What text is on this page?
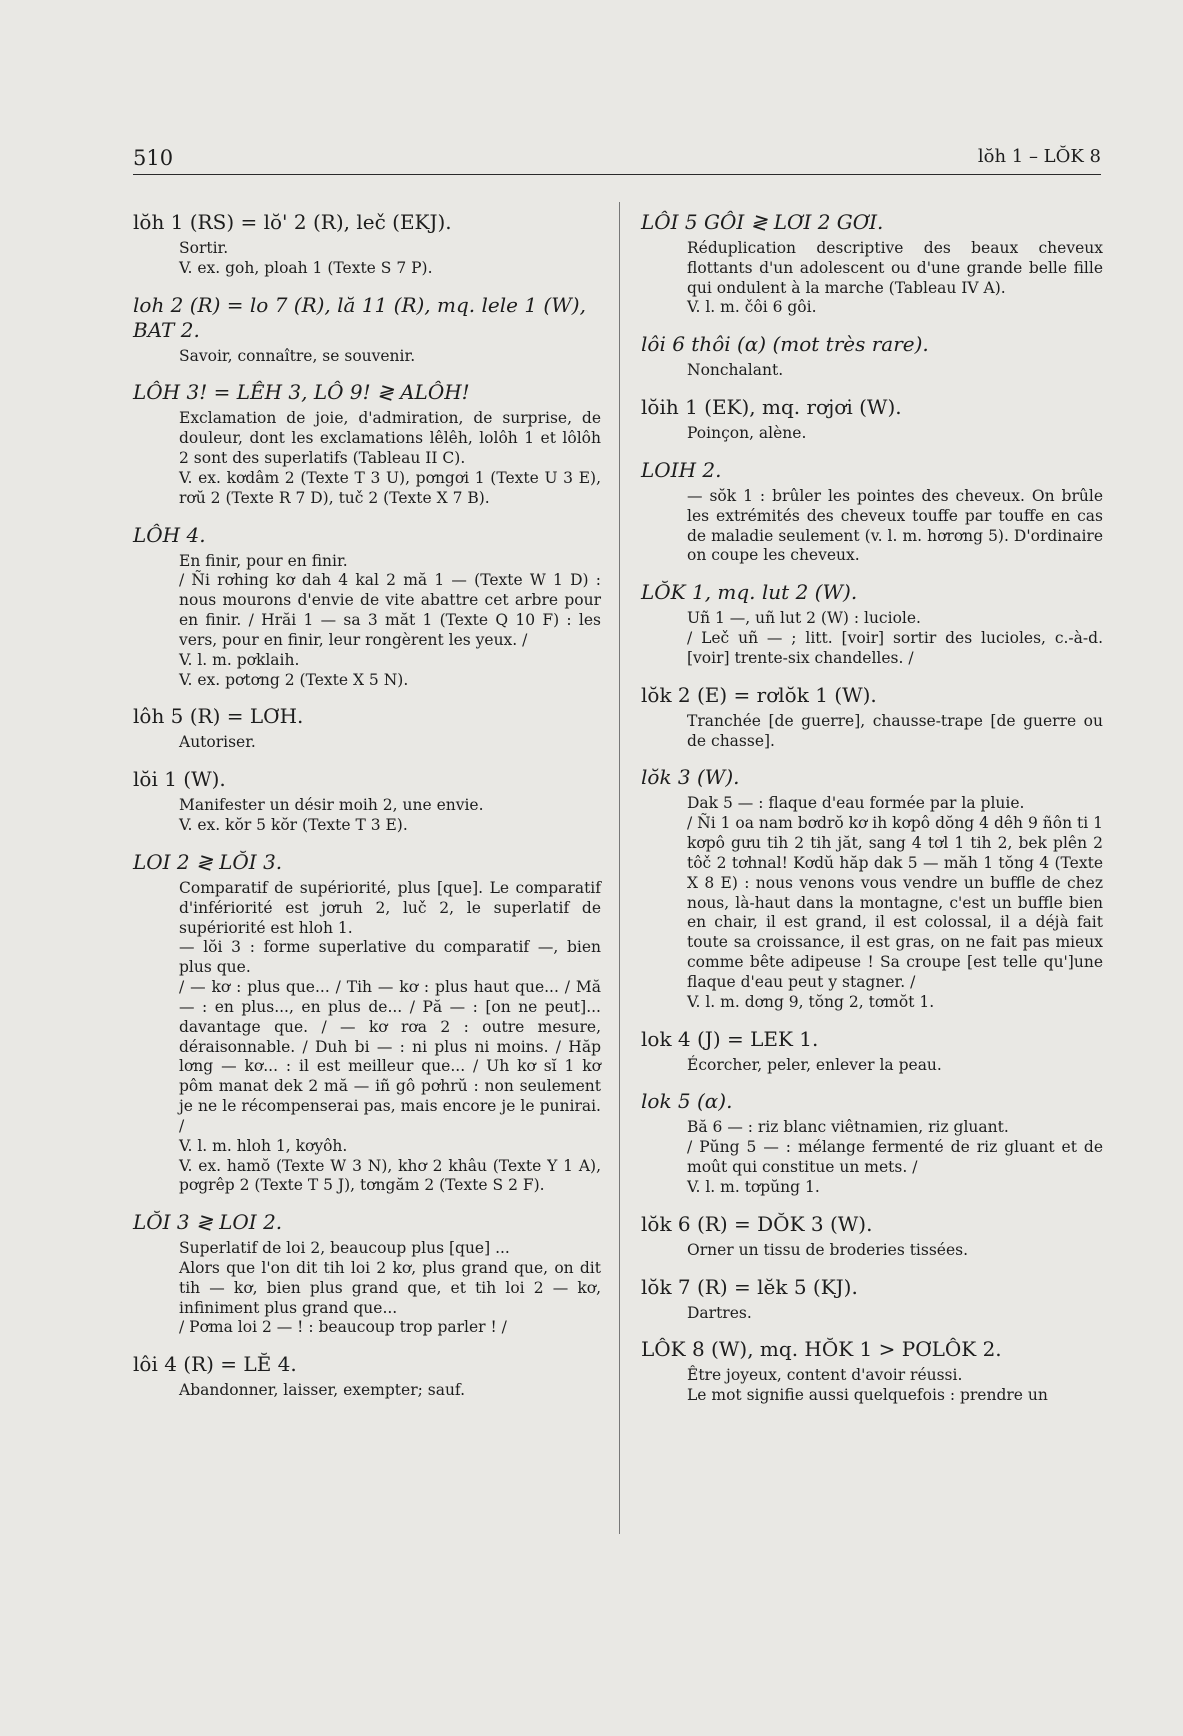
510	lŏh 1 – LŎK 8
lŏh 1 (RS) = lŏ' 2 (R), leč (EKJ).

Sortir.

V. ex. goh, ploah 1 (Texte S 7 P).

loh 2 (R) = lo 7 (R), lă 11 (R), mq. lele 1 (W), BAT 2.

Savoir, connaître, se souvenir.

LÔH 3! = LÊH 3, LÔ 9! ≷ ALÔH!

Exclamation de joie, d'admiration, de surprise, de douleur, dont les exclamations lêlêh, lolôh 1 et lôlôh 2 sont des superlatifs (Tableau II C).

V. ex. kơdâm 2 (Texte T 3 U), pơngơi 1 (Texte U 3 E), rơŭ 2 (Texte R 7 D), tuč 2 (Texte X 7 B).

LÔH 4.

En finir, pour en finir.

/ Ñi rơhing kơ dah 4 kal 2 mă 1 — (Texte W 1 D) : nous mourons d'envie de vite abattre cet arbre pour en finir. / Hrăi 1 — sa 3 măt 1 (Texte Q 10 F) : les vers, pour en finir, leur rongèrent les yeux. /

V. l. m. pơklaih.

V. ex. pơtơng 2 (Texte X 5 N).

lôh 5 (R) = LƠH.

Autoriser.

lŏi 1 (W).

Manifester un désir moih 2, une envie.

V. ex. kŏr 5 kŏr (Texte T 3 E).

LOI 2 ≷ LŎI 3.

Comparatif de supériorité, plus [que]. Le comparatif d'infériorité est jơruh 2, luč 2, le superlatif de supériorité est hloh 1.

— lŏi 3 : forme superlative du comparatif —, bien plus que.

/ — kơ : plus que... / Tih — kơ : plus haut que... / Mă — : en plus..., en plus de... / Pă — : [on ne peut]... davantage que. / — kơ rơa 2 : outre mesure, déraisonnable. / Duh bi — : ni plus ni moins. / Hăp lơng — kơ... : il est meilleur que... / Uh kơ sĭ 1 kơ pôm manat dek 2 mă — iñ gô pơhrŭ : non seulement je ne le récompenserai pas, mais encore je le punirai. /

V. l. m. hloh 1, kơyôh.

V. ex. hamŏ (Texte W 3 N), khơ 2 khâu (Texte Y 1 A), pơgrêp 2 (Texte T 5 J), tơngăm 2 (Texte S 2 F).

LŎI 3 ≷ LOI 2.

Superlatif de loi 2, beaucoup plus [que] ...

Alors que l'on dit tih loi 2 kơ, plus grand que, on dit tih — kơ, bien plus grand que, et tih loi 2 — kơ, infiniment plus grand que...

/ Pơma loi 2 — ! : beaucoup trop parler ! /

lôi 4 (R) = LĔ 4.

Abandonner, laisser, exempter; sauf.

LÔI 5 GÔI ≷ LƠI 2 GƠI.

Réduplication descriptive des beaux cheveux flottants d'un adolescent ou d'une grande belle fille qui ondulent à la marche (Tableau IV A).

V. l. m. čôi 6 gôi.

lôi 6 thôi (α) (mot très rare).

Nonchalant.

lŏih 1 (EK), mq. rơjơi (W).

Poinçon, alène.

LOIH 2.

— sŏk 1 : brûler les pointes des cheveux. On brûle les extrémités des cheveux touffe par touffe en cas de maladie seulement (v. l. m. hơrơng 5). D'ordinaire on coupe les cheveux.

LŎK 1, mq. lut 2 (W).

Uñ 1 —, uñ lut 2 (W) : luciole.

/ Leč uñ — ; litt. [voir] sortir des lucioles, c.-à-d. [voir] trente-six chandelles. /

lŏk 2 (E) = rơlŏk 1 (W).

Tranchée [de guerre], chausse-trape [de guerre ou de chasse].

lŏk 3 (W).

Dak 5 — : flaque d'eau formée par la pluie.

/ Ñi 1 oa nam bơdrŏ kơ ih kơpô dŏng 4 dêh 9 ñôn ti 1 kơpô gưu tih 2 tih jăt, sang 4 tơl 1 tih 2, bek plên 2 tôč 2 tơhnal! Kơdŭ hăp dak 5 — măh 1 tŏng 4 (Texte X 8 E) : nous venons vous vendre un buffle de chez nous, là-haut dans la montagne, c'est un buffle bien en chair, il est grand, il est colossal, il a déjà fait toute sa croissance, il est gras, on ne fait pas mieux comme bête adipeuse ! Sa croupe [est telle qu']une flaque d'eau peut y stagner. /

V. l. m. dơng 9, tŏng 2, tơmŏt 1.

lok 4 (J) = LEK 1.

Écorcher, peler, enlever la peau.

lok 5 (α).

Bă 6 — : riz blanc viêtnamien, riz gluant.

/ Pŭng 5 — : mélange fermenté de riz gluant et de moût qui constitue un mets. /

V. l. m. tơpŭng 1.

lŏk 6 (R) = DŎK 3 (W).

Orner un tissu de broderies tissées.

lŏk 7 (R) = lĕk 5 (KJ).

Dartres.

LÔK 8 (W), mq. HŎK 1 > PƠLÔK 2.

Être joyeux, content d'avoir réussi.

Le mot signifie aussi quelquefois : prendre un
